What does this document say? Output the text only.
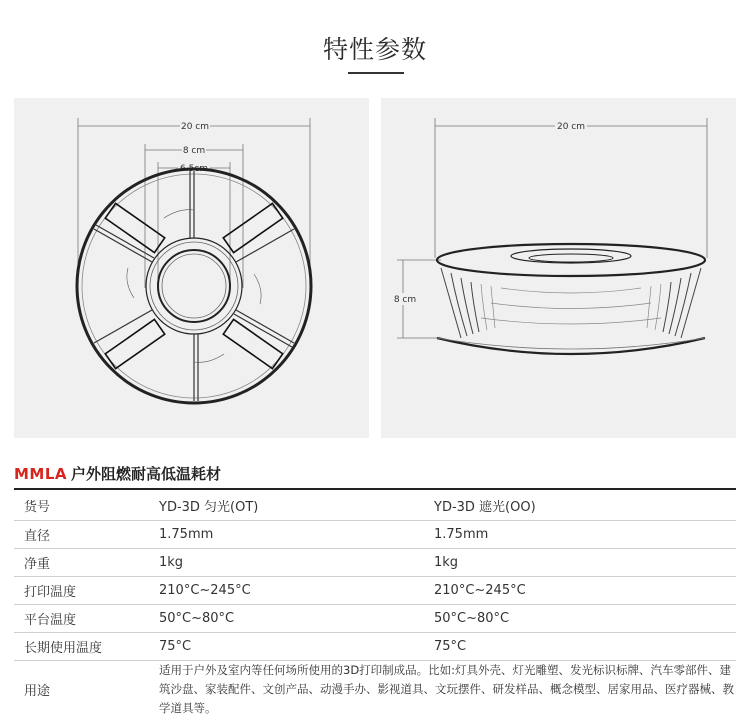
特性参数
20 cm
8 cm
6.5cm
20 cm
8 cm
MMLA 户外阻燃耐高低温耗材
货号	YD-3D 匀光(OT)	YD-3D 遮光(OO)
直径	1.75mm	1.75mm
净重	1kg	1kg
打印温度	210°C~245°C	210°C~245°C
平台温度	50°C~80°C	50°C~80°C
长期使用温度	75°C	75°C
用途	适用于户外及室内等任何场所使用的3D打印制成品。比如:灯具外壳、灯光雕塑、发光标识标牌、汽车零部件、建筑沙盘、家装配件、文创产品、动漫手办、影视道具、文玩摆件、研发样品、概念模型、居家用品、医疗器械、教学道具等。	
